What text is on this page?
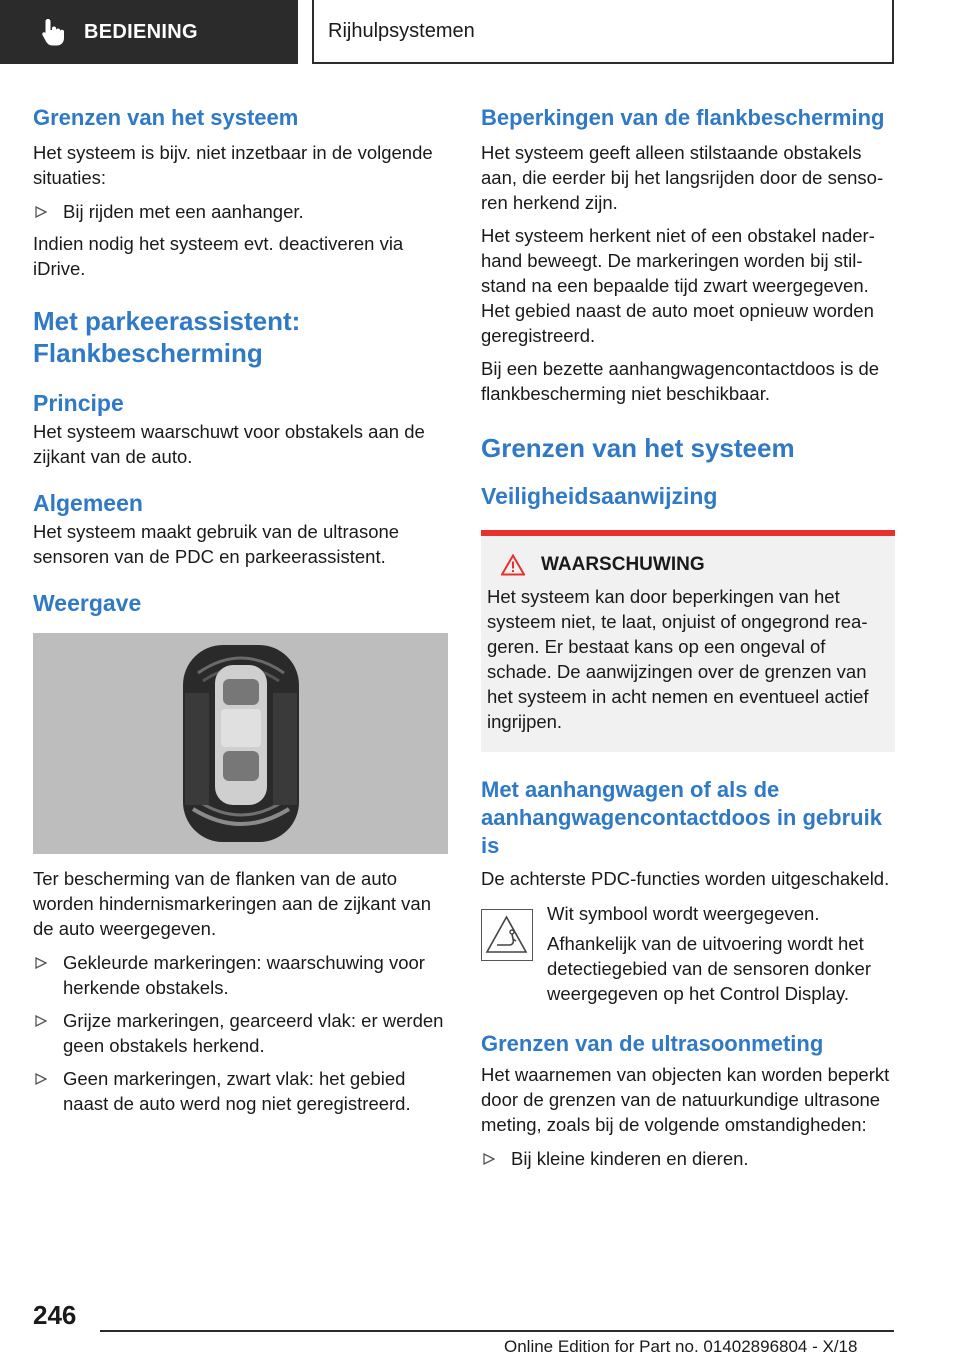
BEDIENING	Rijhulpsystemen
Grenzen van het systeem

Het systeem is bijv. niet inzetbaar in de volgende situaties:

Bij rijden met een aanhanger.

Indien nodig het systeem evt. deactiveren via iDrive.

Met parkeerassistent: Flankbescherming
Principe

Het systeem waarschuwt voor obstakels aan de zijkant van de auto.

Algemeen

Het systeem maakt gebruik van de ultrasone sensoren van de PDC en parkeerassistent.

Weergave

Ter bescherming van de flanken van de auto worden hindernismarkeringen aan de zijkant van de auto weergegeven.

Gekleurde markeringen: waarschuwing voor herkende obstakels.
Grijze markeringen, gearceerd vlak: er werden geen obstakels herkend.
Geen markeringen, zwart vlak: het gebied naast de auto werd nog niet geregistreerd.
Beperkingen van de flankbescherming

Het systeem geeft alleen stilstaande obstakels aan, die eerder bij het langsrijden door de sensoren herkend zijn.

Het systeem herkent niet of een obstakel naderhand beweegt. De markeringen worden bij stilstand na een bepaalde tijd zwart weergegeven. Het gebied naast de auto moet opnieuw worden geregistreerd.

Bij een bezette aanhangwagencontactdoos is de flankbescherming niet beschikbaar.

Grenzen van het systeem
Veiligheidsaanwijzing
WAARSCHUWING

Het systeem kan door beperkingen van het systeem niet, te laat, onjuist of ongegrond reageren. Er bestaat kans op een ongeval of schade. De aanwijzingen over de grenzen van het systeem in acht nemen en eventueel actief ingrijpen.

Met aanhangwagen of als de aanhangwagencontactdoos in gebruik is

De achterste PDC-functies worden uitgeschakeld.

Wit symbool wordt weergegeven.

Afhankelijk van de uitvoering wordt het detectiegebied van de sensoren donker weergegeven op het Control Display.

Grenzen van de ultrasoonmeting

Het waarnemen van objecten kan worden beperkt door de grenzen van de natuurkundige ultrasone meting, zoals bij de volgende omstandigheden:

Bij kleine kinderen en dieren.
246
Online Edition for Part no. 01402896804 - X/18
